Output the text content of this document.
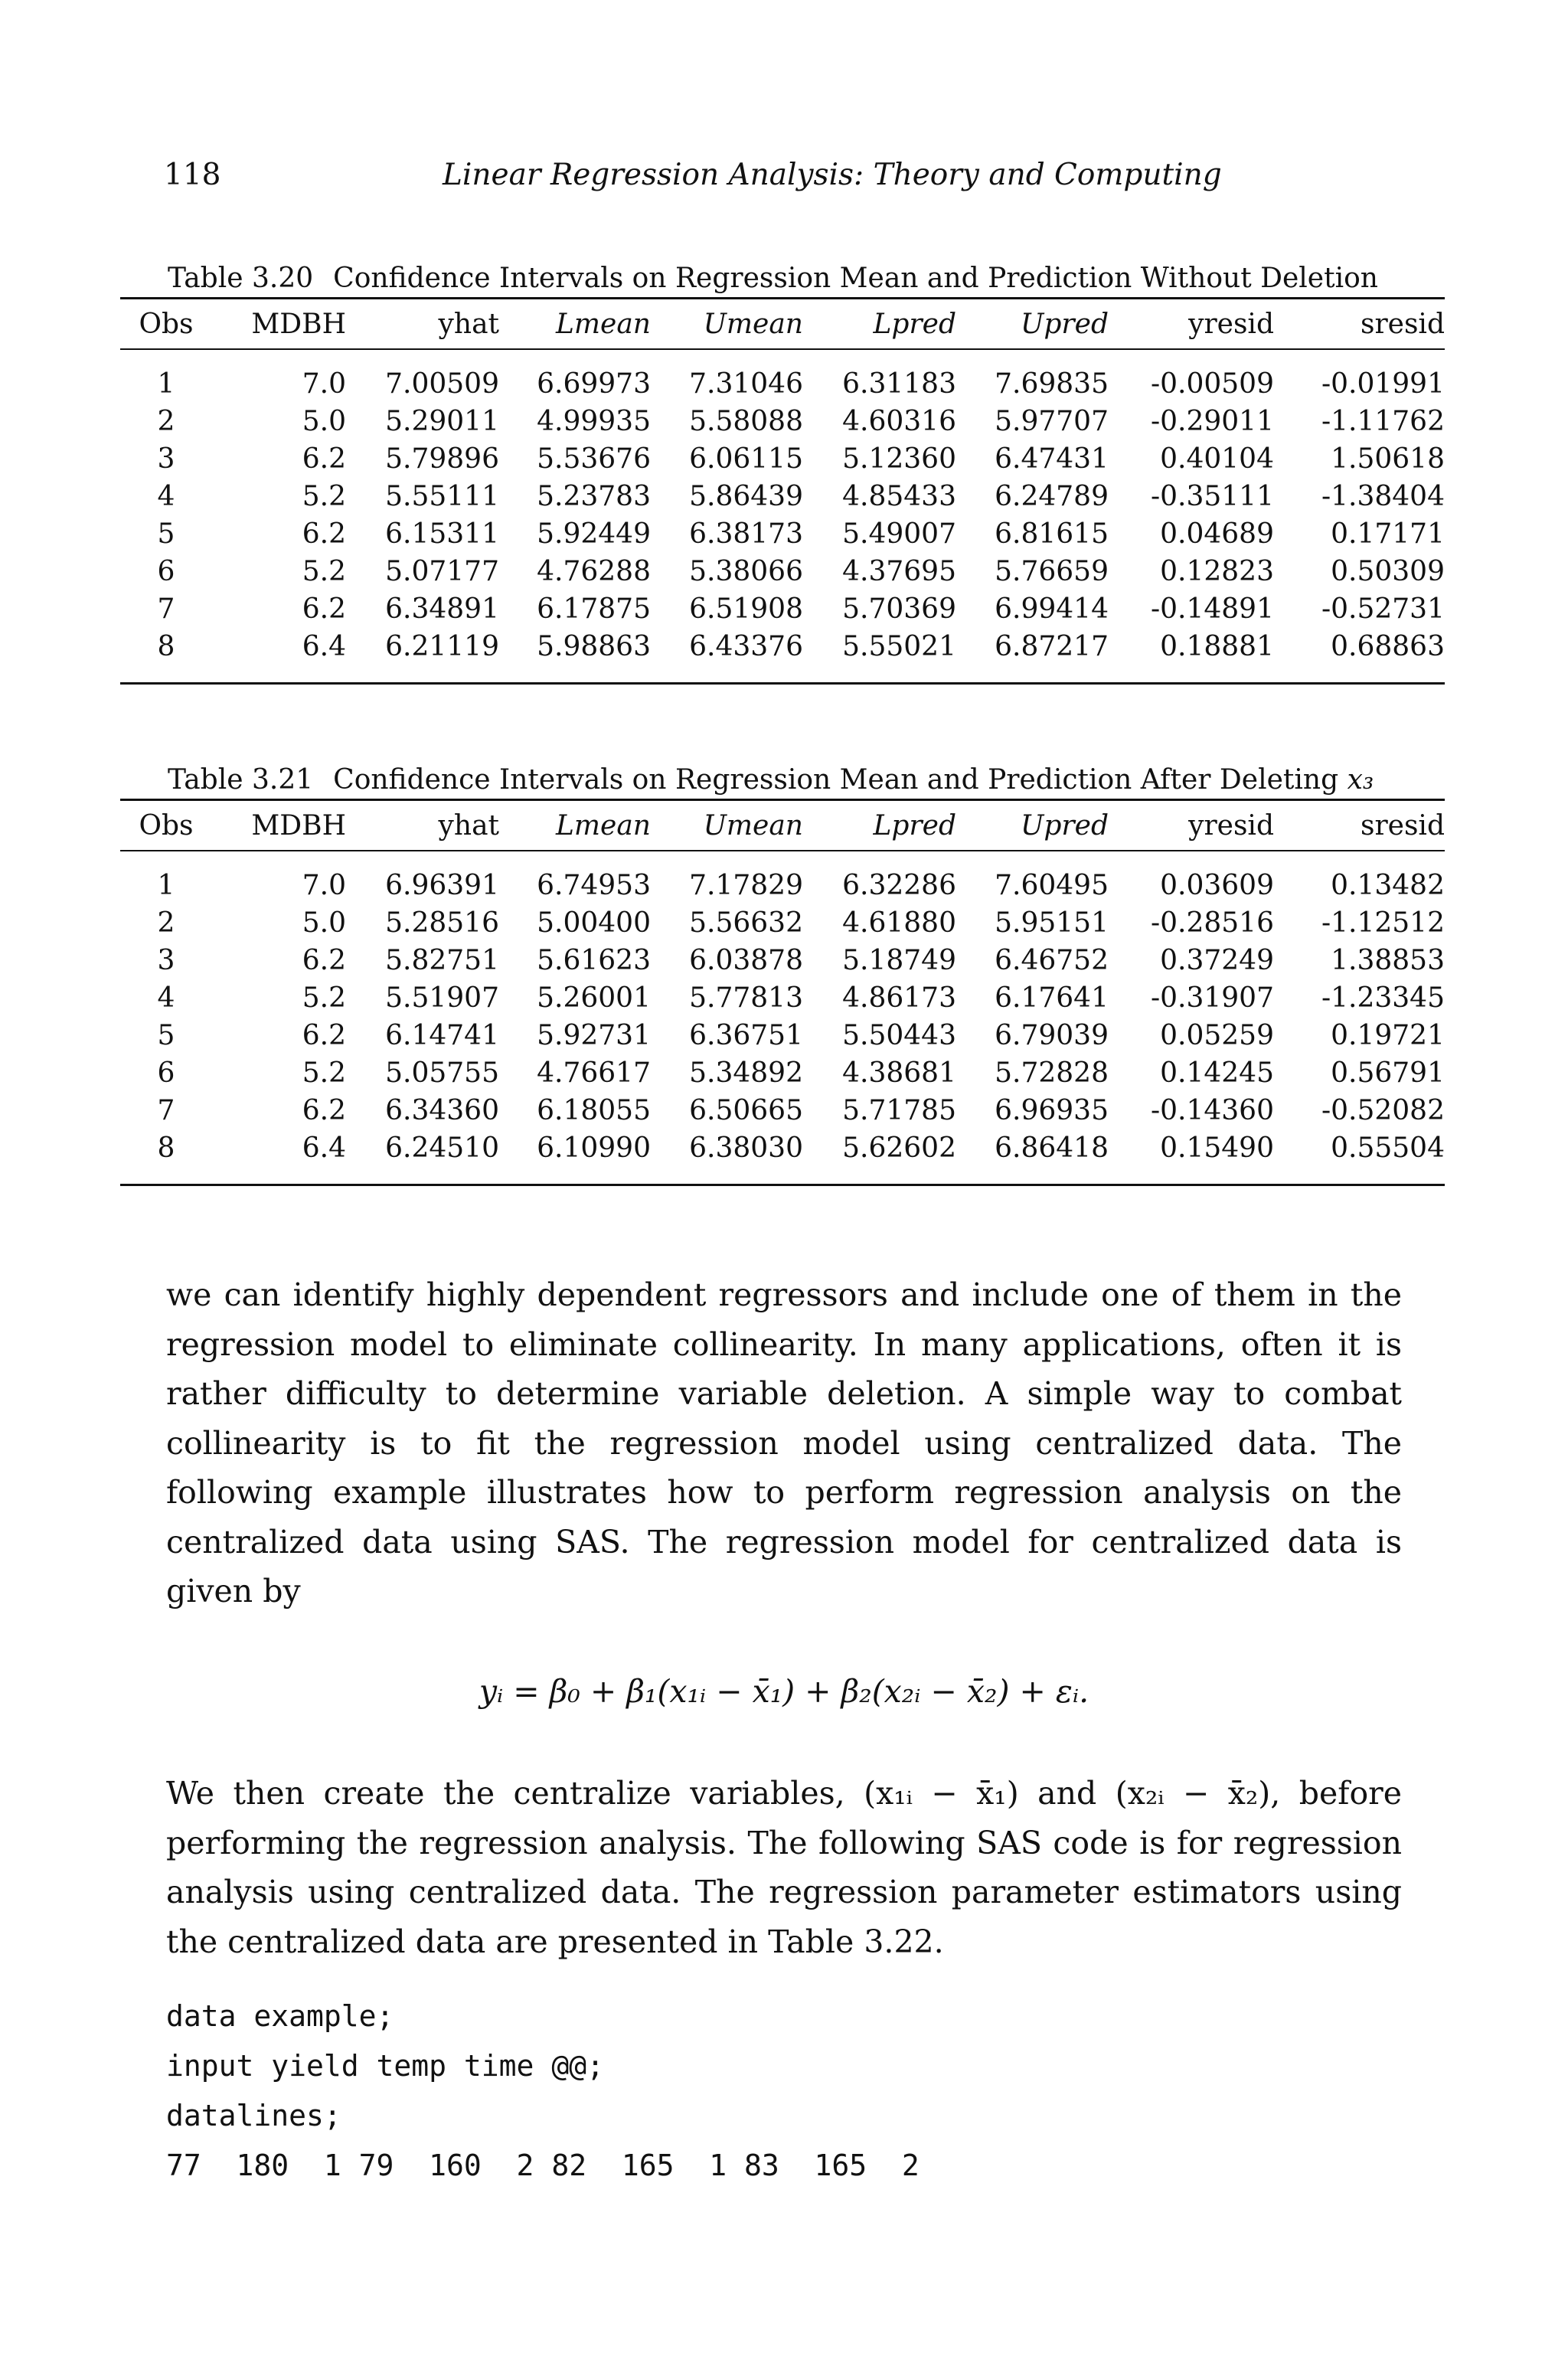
118	Linear Regression Analysis: Theory and Computing
Table 3.20 Confidence Intervals on Regression Mean and Prediction Without Deletion
Obs	MDBH	yhat	Lmean	Umean	Lpred	Upred	yresid	sresid
1	7.0	7.00509	6.69973	7.31046	6.31183	7.69835	-0.00509	-0.01991
2	5.0	5.29011	4.99935	5.58088	4.60316	5.97707	-0.29011	-1.11762
3	6.2	5.79896	5.53676	6.06115	5.12360	6.47431	0.40104	1.50618
4	5.2	5.55111	5.23783	5.86439	4.85433	6.24789	-0.35111	-1.38404
5	6.2	6.15311	5.92449	6.38173	5.49007	6.81615	0.04689	0.17171
6	5.2	5.07177	4.76288	5.38066	4.37695	5.76659	0.12823	0.50309
7	6.2	6.34891	6.17875	6.51908	5.70369	6.99414	-0.14891	-0.52731
8	6.4	6.21119	5.98863	6.43376	5.55021	6.87217	0.18881	0.68863
Table 3.21 Confidence Intervals on Regression Mean and Prediction After Deleting x₃
Obs	MDBH	yhat	Lmean	Umean	Lpred	Upred	yresid	sresid
1	7.0	6.96391	6.74953	7.17829	6.32286	7.60495	0.03609	0.13482
2	5.0	5.28516	5.00400	5.56632	4.61880	5.95151	-0.28516	-1.12512
3	6.2	5.82751	5.61623	6.03878	5.18749	6.46752	0.37249	1.38853
4	5.2	5.51907	5.26001	5.77813	4.86173	6.17641	-0.31907	-1.23345
5	6.2	6.14741	5.92731	6.36751	5.50443	6.79039	0.05259	0.19721
6	5.2	5.05755	4.76617	5.34892	4.38681	5.72828	0.14245	0.56791
7	6.2	6.34360	6.18055	6.50665	5.71785	6.96935	-0.14360	-0.52082
8	6.4	6.24510	6.10990	6.38030	5.62602	6.86418	0.15490	0.55504
we can identify highly dependent regressors and include one of them in the regression model to eliminate collinearity. In many applications, often it is rather difficulty to determine variable deletion. A simple way to combat collinearity is to fit the regression model using centralized data. The following example illustrates how to perform regression analysis on the centralized data using SAS. The regression model for centralized data is given by
yᵢ = β₀ + β₁(x₁ᵢ − x̄₁) + β₂(x₂ᵢ − x̄₂) + εᵢ.
We then create the centralize variables, (x₁ᵢ − x̄₁) and (x₂ᵢ − x̄₂), before performing the regression analysis. The following SAS code is for regression analysis using centralized data. The regression parameter estimators using the centralized data are presented in Table 3.22.
data example;
input yield temp time @@;
datalines;
77  180  1 79  160  2 82  165  1 83  165  2
